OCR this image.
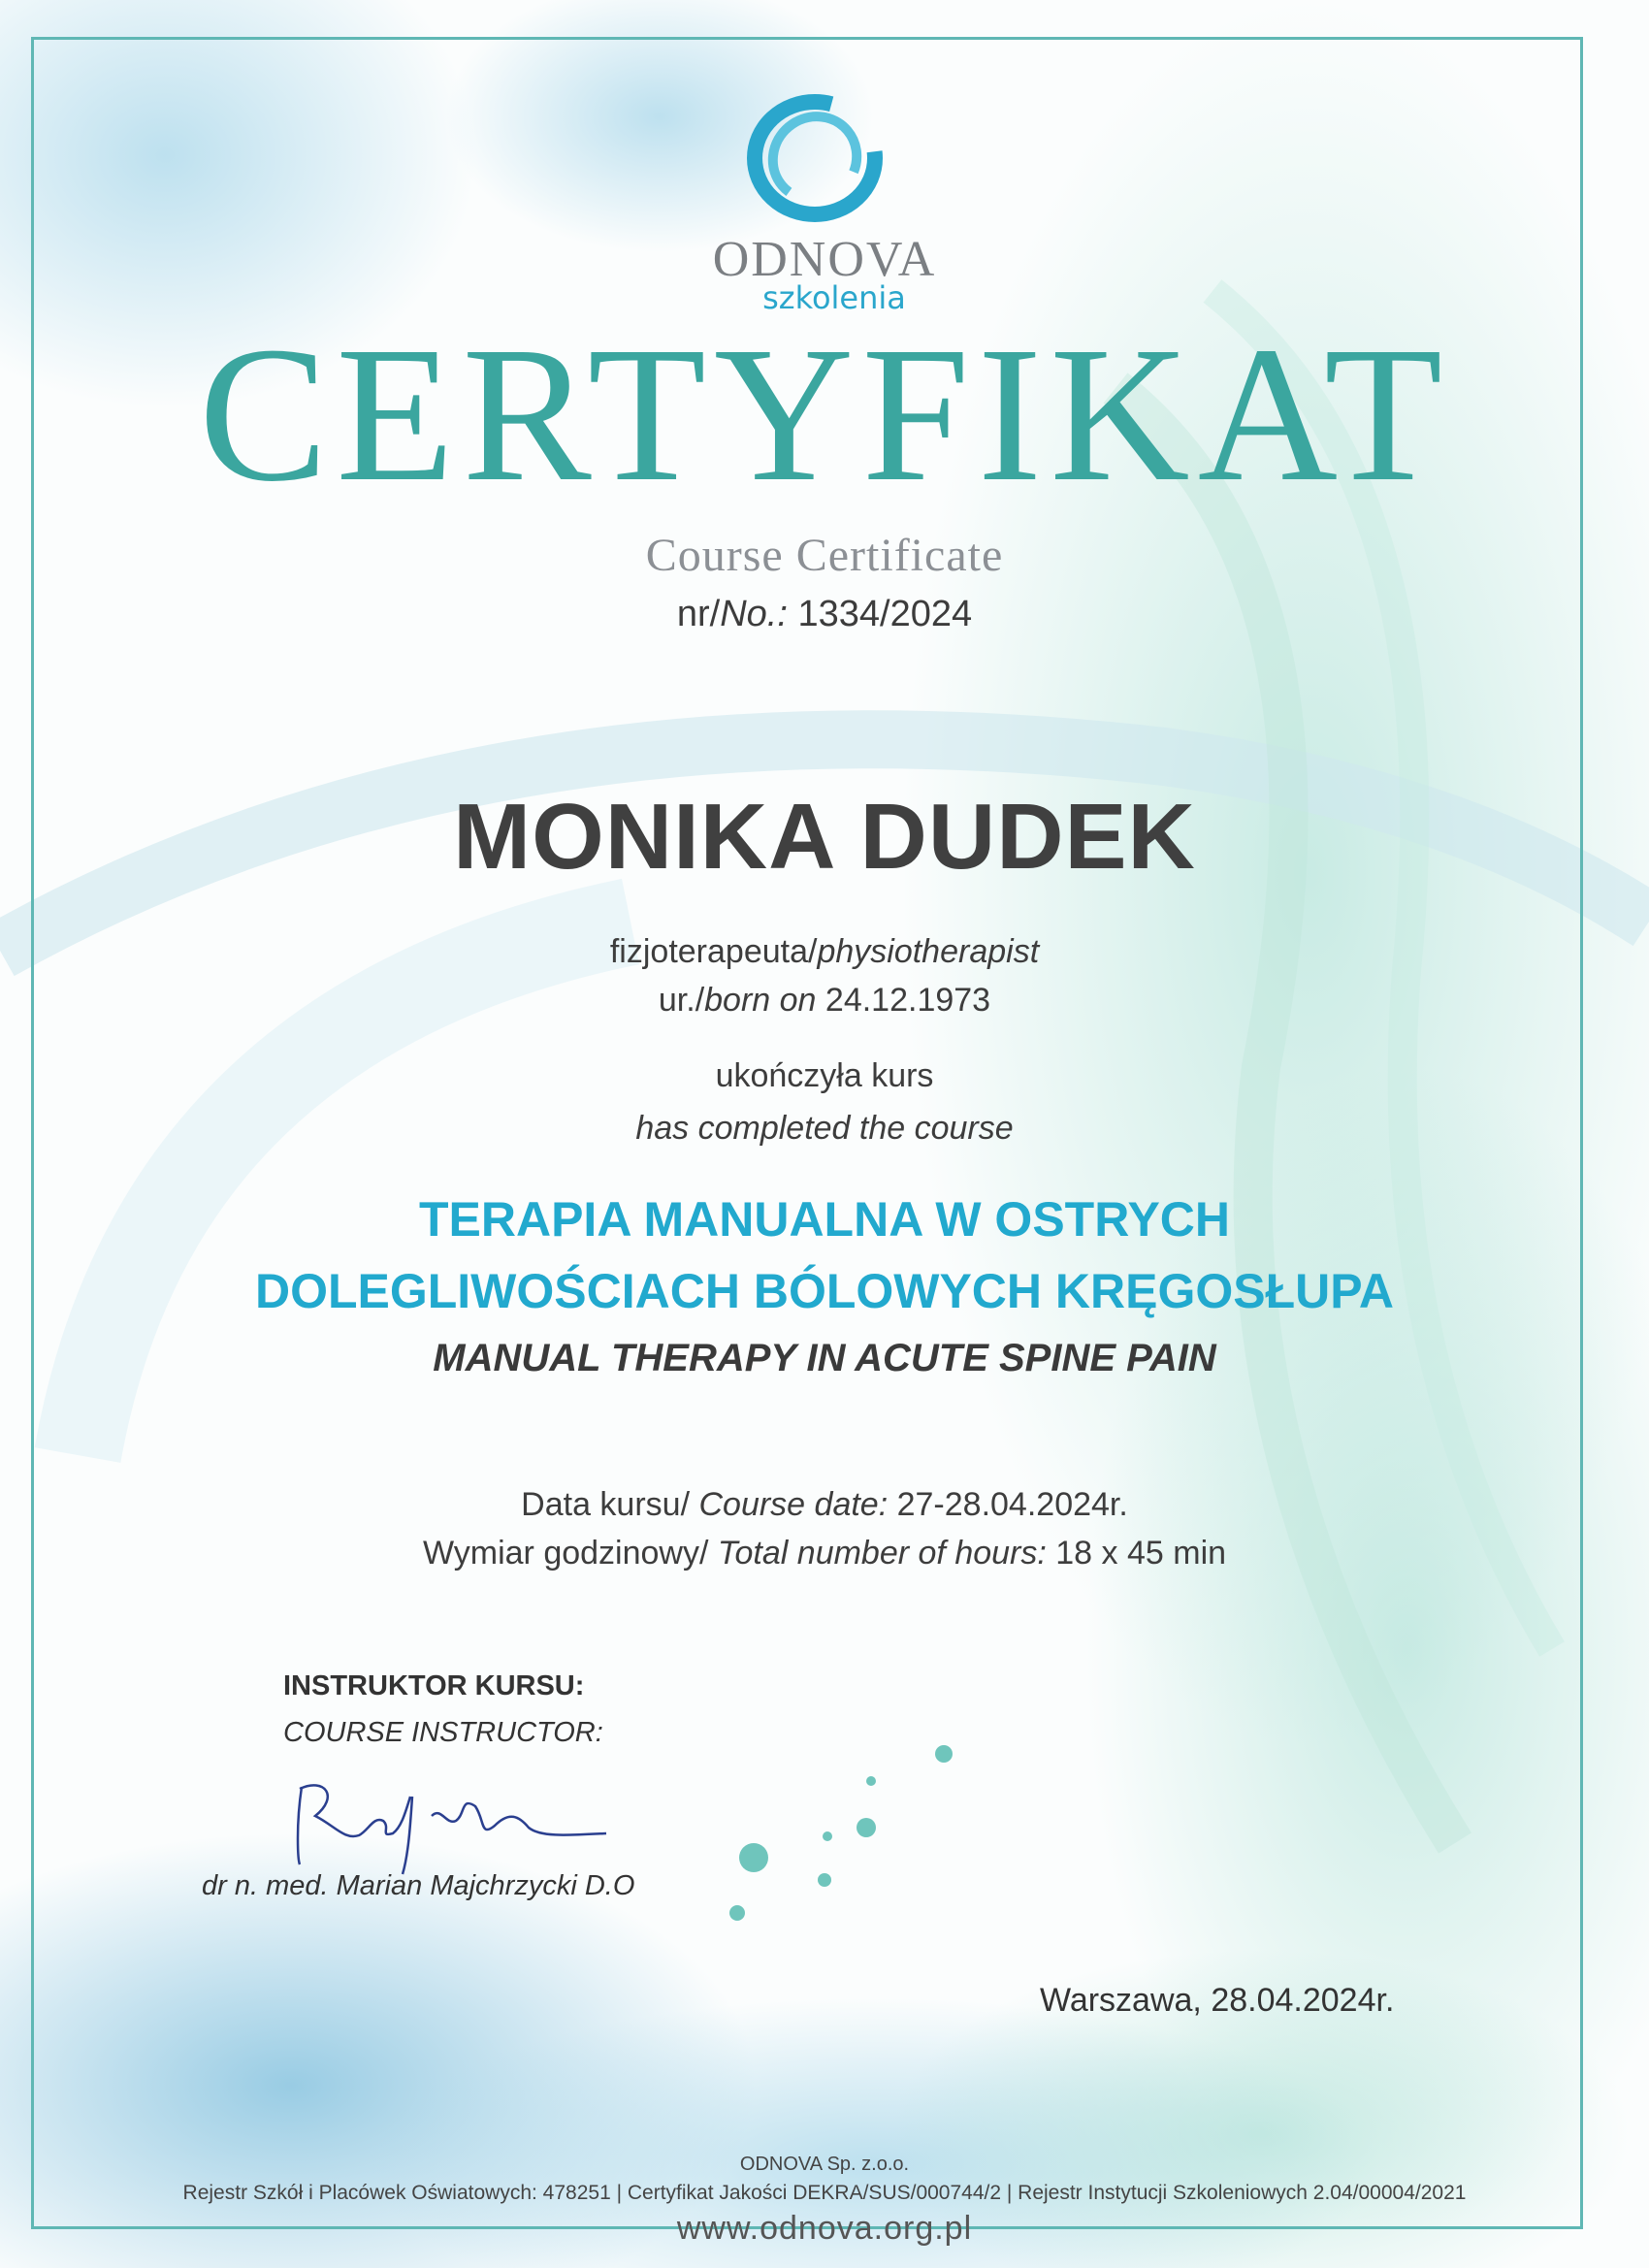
ODNOVA
szkolenia
CERTYFIKAT
Course Certificate
nr/No.: 1334/2024
MONIKA DUDEK
fizjoterapeuta/physiotherapist
ur./born on 24.12.1973
ukończyła kurs
has completed the course
TERAPIA MANUALNA W OSTRYCH
DOLEGLIWOŚCIACH BÓLOWYCH KRĘGOSŁUPA
MANUAL THERAPY IN ACUTE SPINE PAIN
Data kursu/ Course date: 27-28.04.2024r.
Wymiar godzinowy/ Total number of hours: 18 x 45 min
INSTRUKTOR KURSU:
COURSE INSTRUCTOR:
dr n. med. Marian Majchrzycki D.O
Warszawa, 28.04.2024r.
ODNOVA Sp. z.o.o.
Rejestr Szkół i Placówek Oświatowych: 478251 | Certyfikat Jakości DEKRA/SUS/000744/2 | Rejestr Instytucji Szkoleniowych 2.04/00004/2021
www.odnova.org.pl
